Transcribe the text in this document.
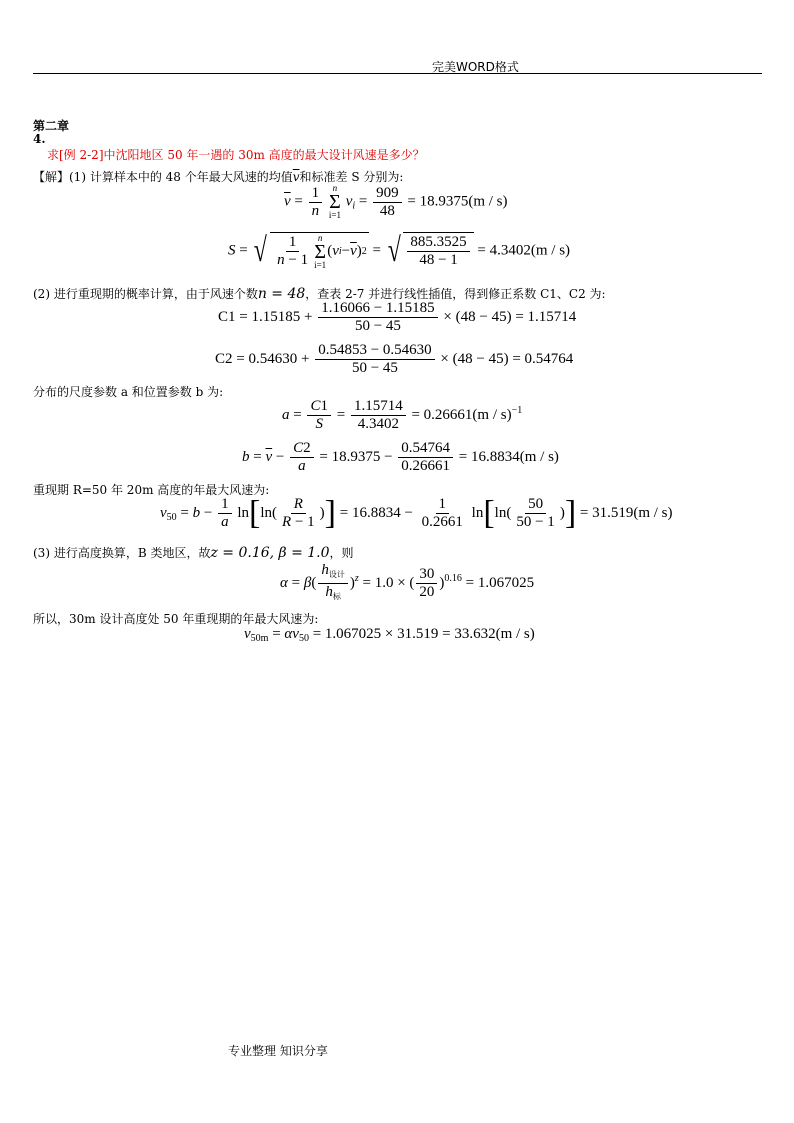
完美WORD格式
第二章
4.
求[例 2-2]中沈阳地区 50 年一遇的 30m 高度的最大设计风速是多少？
【解】(1) 计算样本中的 48 个年最大风速的均值$\overline{v}$和标准差 S 分别为:
$\overline{v} = \frac{1}{n}$
n
Σ
i=1
$v_i = \frac{909}{48} = 18.9375(m / s)$
S = √ $\frac{1}{n - 1}$ n
Σ
i=1
( v $i - \overline{v}$ ) 2 = √ $\frac{885.3525}{48 - 1} = 4.3402(m / s)$
(2) 进行重现期的概率计算，由于风速个数n = 48，查表 2-7 并进行线性插值，得到修正系数 C1、C2 为:
$C1 = 1.15185 + \frac{1.16066 - 1.15185}{50 - 45} \times (48 - 45) = 1.15714$
$C2 = 0.54630 + \frac{0.54853 - 0.54630}{50 - 45} \times (48 - 45) = 0.54764$
分布的尺度参数 a 和位置参数 b 为:
$a = \frac{C1}{S} = \frac{1.15714}{4.3402} = 0.26661(m / s)^{-1}$
$b = \overline{v} - \frac{C2}{a} = 18.9375 - \frac{0.54764}{0.26661} = 16.8834(m / s)$
重现期 R=50 年 20m 高度的年最大风速为:
$v_{50} = b - \frac{1}{a} \ln[\ln( \frac{R}{R - 1}$ )] = $16.8834 - \frac{1}{0.2661} \ln[\ln( \frac{50}{50 - 1}$ )] = 31.519(m / s)
(3) 进行高度换算，B 类地区，故z = 0.16, β = 1.0，则
$\alpha = \beta( \frac{h_{设计}}{h_标} )^z = 1.0$ × ( $\frac{30}{20} )^{0.16} = 1.067025$
所以，30m 设计高度处 50 年重现期的年最大风速为:
$v_{50m} = \alpha v_{50} = 1.067025 \times 31.519 = 33.632(m / s)$
专业整理 知识分享
